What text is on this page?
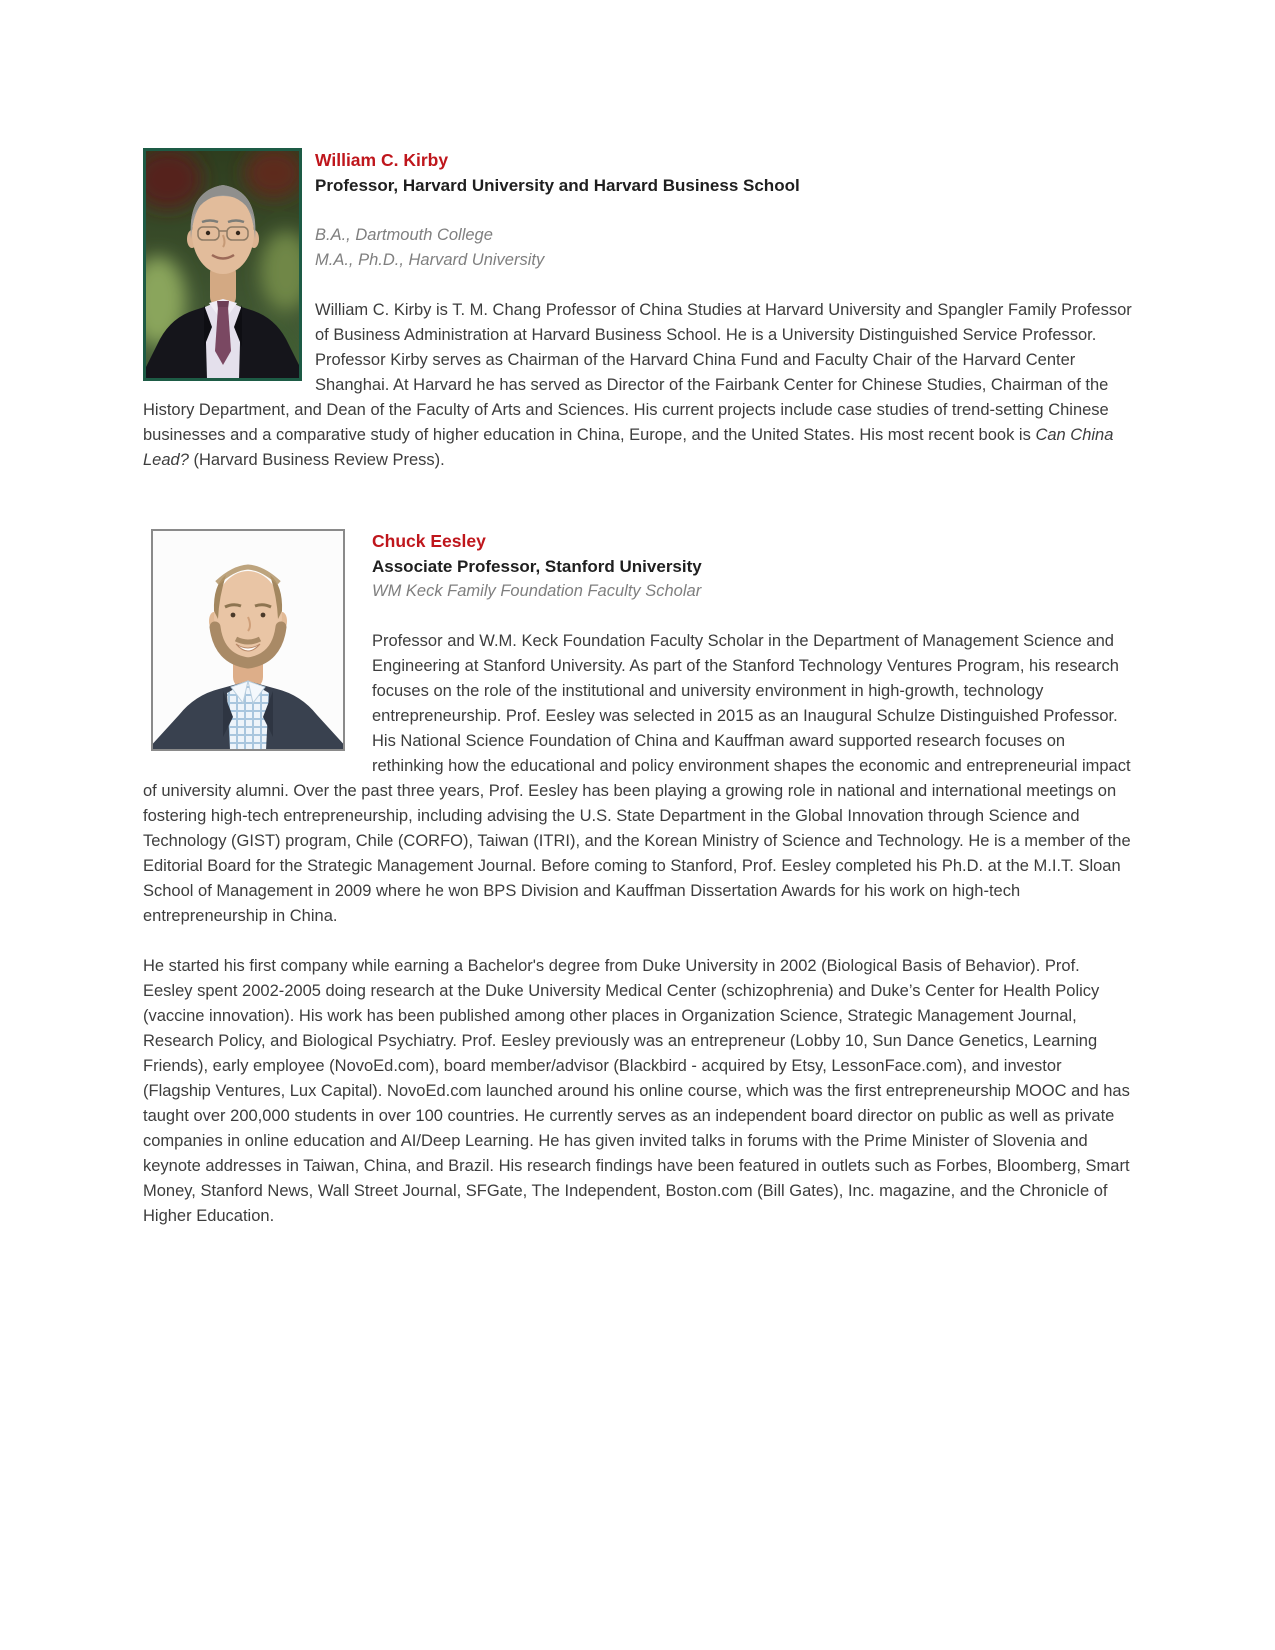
William C. Kirby
Professor, Harvard University and Harvard Business School
B.A., Dartmouth College
M.A., Ph.D., Harvard University

William C. Kirby is T. M. Chang Professor of China Studies at Harvard University and Spangler Family Professor of Business Administration at Harvard Business School. He is a University Distinguished Service Professor.   Professor Kirby serves as Chairman of the Harvard China Fund and Faculty Chair of the Harvard Center Shanghai. At Harvard he has served as Director of the Fairbank Center for Chinese Studies, Chairman of the History Department, and Dean of the Faculty of Arts and Sciences. His current projects include case studies of trend-setting Chinese businesses and a comparative study of higher education in China, Europe, and the United States. His most recent book is Can China Lead? (Harvard Business Review Press).

Chuck Eesley
Associate Professor, Stanford University
WM Keck Family Foundation Faculty Scholar

Professor and W.M. Keck Foundation Faculty Scholar in the Department of Management Science and Engineering at Stanford University. As part of the Stanford Technology Ventures Program, his research focuses on the role of the institutional and university environment in high-growth, technology entrepreneurship. Prof. Eesley was selected in 2015 as an Inaugural Schulze Distinguished Professor. His National Science Foundation of China and Kauffman award supported research focuses on rethinking how the educational and policy environment shapes the economic and entrepreneurial impact of university alumni. Over the past three years, Prof. Eesley has been playing a growing role in national and international meetings on fostering high-tech entrepreneurship, including advising the U.S. State Department in the Global Innovation through Science and Technology (GIST) program, Chile (CORFO), Taiwan (ITRI), and the Korean Ministry of Science and Technology. He is a member of the Editorial Board for the Strategic Management Journal. Before coming to Stanford, Prof. Eesley completed his Ph.D. at the M.I.T. Sloan School of Management in 2009 where he won BPS Division and Kauffman Dissertation Awards for his work on high-tech entrepreneurship in China.

He started his first company while earning a Bachelor's degree from Duke University in 2002 (Biological Basis of Behavior). Prof. Eesley spent 2002-2005 doing research at the Duke University Medical Center (schizophrenia) and Duke’s Center for Health Policy (vaccine innovation). His work has been published among other places in Organization Science, Strategic Management Journal, Research Policy, and Biological Psychiatry. Prof. Eesley previously was an entrepreneur (Lobby 10, Sun Dance Genetics, Learning Friends), early employee (NovoEd.com), board member/advisor (Blackbird - acquired by Etsy, LessonFace.com), and investor (Flagship Ventures, Lux Capital). NovoEd.com launched around his online course, which was the first entrepreneurship MOOC and has taught over 200,000 students in over 100 countries. He currently serves as an independent board director on public as well as private companies in online education and AI/Deep Learning. He has given invited talks in forums with the Prime Minister of Slovenia and keynote addresses in Taiwan, China, and Brazil. His research findings have been featured in outlets such as Forbes, Bloomberg, Smart Money, Stanford News, Wall Street Journal, SFGate, The Independent, Boston.com (Bill Gates), Inc. magazine, and the Chronicle of Higher Education.
